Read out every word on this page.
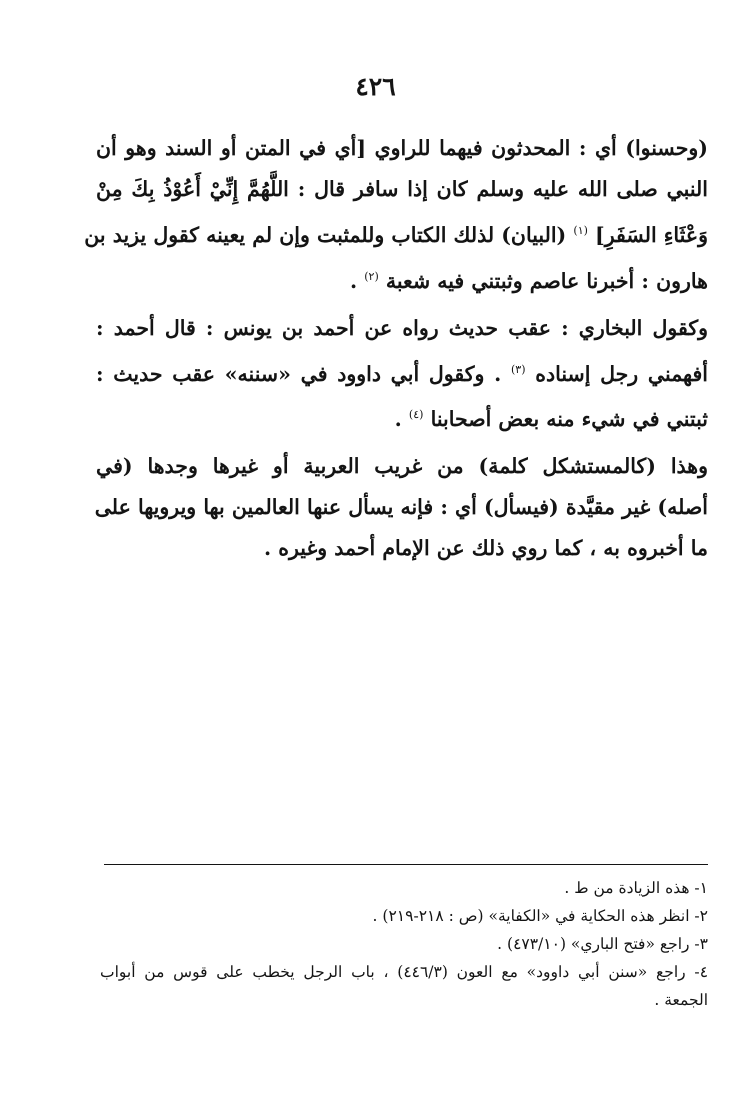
٤٢٦

(وحسنوا) أي : المحدثون فيهما للراوي [أي في المتن أو السند وهو أن
النبي صلى الله عليه وسلم كان إذا سافر قال : اللَّهُمَّ إِنِّيْ أَعُوْذُ بِكَ مِنْ
وَعْثَاءِ السَفَرِ] $^{(١)}$ (البيان) لذلك الكتاب وللمثبت وإن لم يعينه كقول يزيد بن
هارون : أخبرنا عاصم وثبتني فيه شعبة $^{(٢)}$ .

وكقول البخاري : عقب حديث رواه عن أحمد بن يونس : قال أحمد :
أفهمني رجل إسناده $^{(٣)}$ . وكقول أبي داوود في «سننه» عقب حديث :
ثبتني في شيء منه بعض أصحابنا $^{(٤)}$ .

وهذا (كالمستشكل كلمة) من غريب العربية أو غيرها وجدها (في
أصله) غير مقيَّدة (فيسأل) أي : فإنه يسأل عنها العالمين بها ويرويها على
ما أخبروه به ، كما روي ذلك عن الإمام أحمد وغيره .

١- هذه الزيادة من ط .

٢- انظر هذه الحكاية في «الكفاية» (ص : ٢١٨-٢١٩) .

٣- راجع «فتح الباري» (٤٧٣/١٠) .

٤- راجع «سنن أبي داوود» مع العون (٤٤٦/٣) ، باب الرجل يخطب على قوس من أبواب
الجمعة .
